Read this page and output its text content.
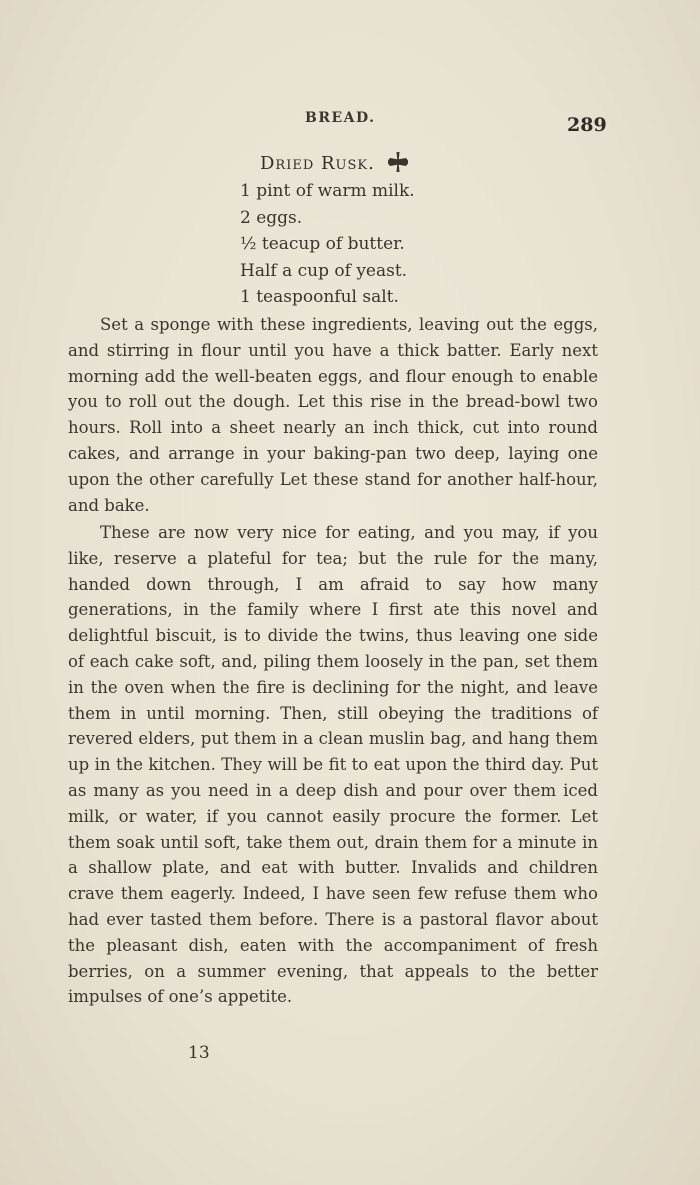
BREAD.	289
Dried Rusk.
1 pint of warm milk.
2 eggs.
½ teacup of butter.
Half a cup of yeast.
1 teaspoonful salt.

Set a sponge with these ingredients, leaving out the eggs, and stirring in flour until you have a thick batter. Early next morning add the well-beaten eggs, and flour enough to enable you to roll out the dough. Let this rise in the bread-bowl two hours. Roll into a sheet nearly an inch thick, cut into round cakes, and arrange in your baking-pan two deep, laying one upon the other carefully Let these stand for another half-hour, and bake.

These are now very nice for eating, and you may, if you like, reserve a plateful for tea; but the rule for the many, handed down through, I am afraid to say how many generations, in the family where I first ate this novel and delightful biscuit, is to divide the twins, thus leaving one side of each cake soft, and, piling them loosely in the pan, set them in the oven when the fire is declining for the night, and leave them in until morning. Then, still obeying the traditions of revered elders, put them in a clean muslin bag, and hang them up in the kitchen. They will be fit to eat upon the third day. Put as many as you need in a deep dish and pour over them iced milk, or water, if you cannot easily procure the former. Let them soak until soft, take them out, drain them for a minute in a shallow plate, and eat with butter. Invalids and children crave them eagerly. Indeed, I have seen few refuse them who had ever tasted them before. There is a pastoral flavor about the pleasant dish, eaten with the accompaniment of fresh berries, on a summer evening, that appeals to the better impulses of one’s appetite.

13
